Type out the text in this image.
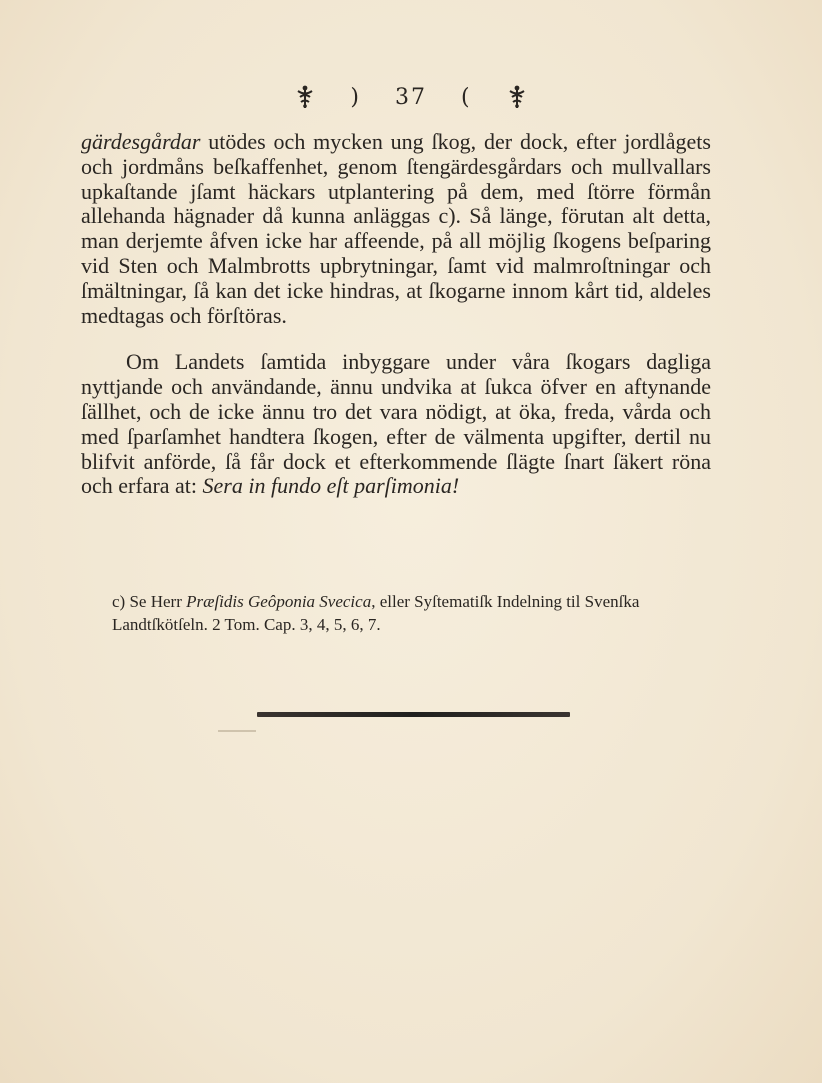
) 37 (

gärdesgårdar utödes och mycken ung ſkog, der dock, efter jordlågets och jordmåns beſkaffenhet, genom ſtengärdesgårdars och mullvallars upkaſtande jſamt häckars utplantering på dem, med ſtörre förmån allehanda hägnader då kunna anläggas c). Så länge, förutan alt detta, man derjemte åfven icke har affeende, på all möjlig ſkogens beſparing vid Sten och Malmbrotts upbrytningar, ſamt vid malmroſtningar och ſmältningar, ſå kan det icke hindras, at ſkogarne innom kårt tid, aldeles medtagas och förſtöras.

Om Landets ſamtida inbyggare under våra ſkogars dagliga nyttjande och användande, ännu undvika at ſukca öfver en aftynande ſällhet, och de icke ännu tro det vara nödigt, at öka, freda, vårda och med ſparſamhet handtera ſkogen, efter de välmenta upgifter, dertil nu blifvit anförde, ſå får dock et efterkommende ſlägte ſnart ſäkert röna och erfara at: Sera in fundo eſt parſimonia!

c) Se Herr Præſidis Geôponia Svecica, eller Syſtematiſk Indelning til Svenſka Landtſkötſeln. 2 Tom. Cap. 3, 4, 5, 6, 7.
